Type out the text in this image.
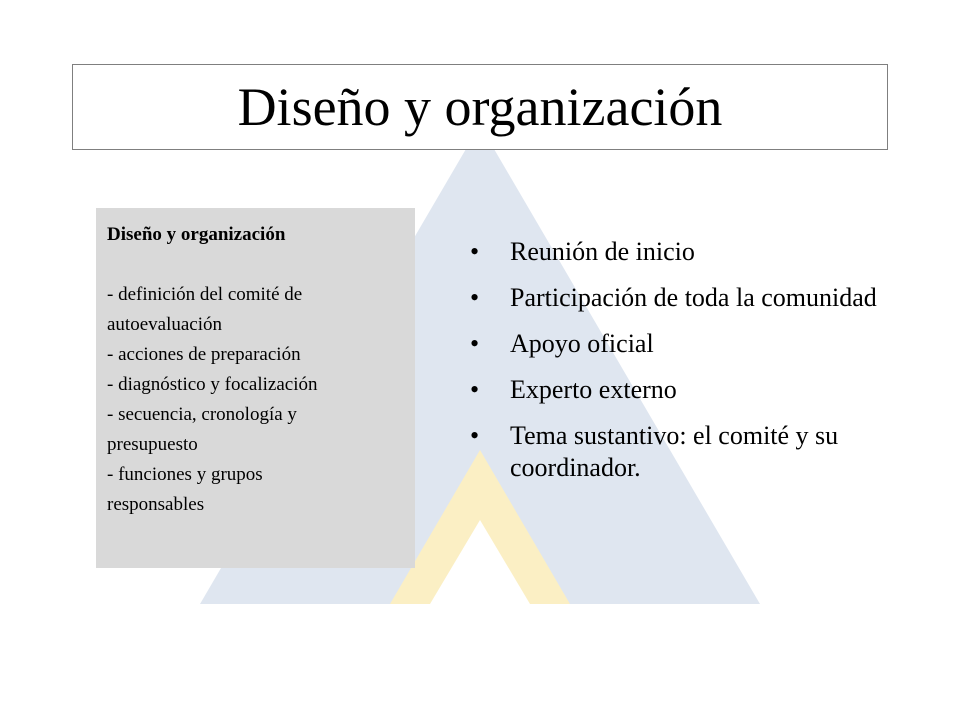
Diseño y organización

Diseño y organización

- definición del comité de

autoevaluación

- acciones de preparación

- diagnóstico y focalización

- secuencia, cronología y

presupuesto

- funciones y grupos

responsables

• Reunión de inicio
• Participación de toda la comunidad
• Apoyo oficial
• Experto externo
• Tema sustantivo: el comité y su coordinador.
